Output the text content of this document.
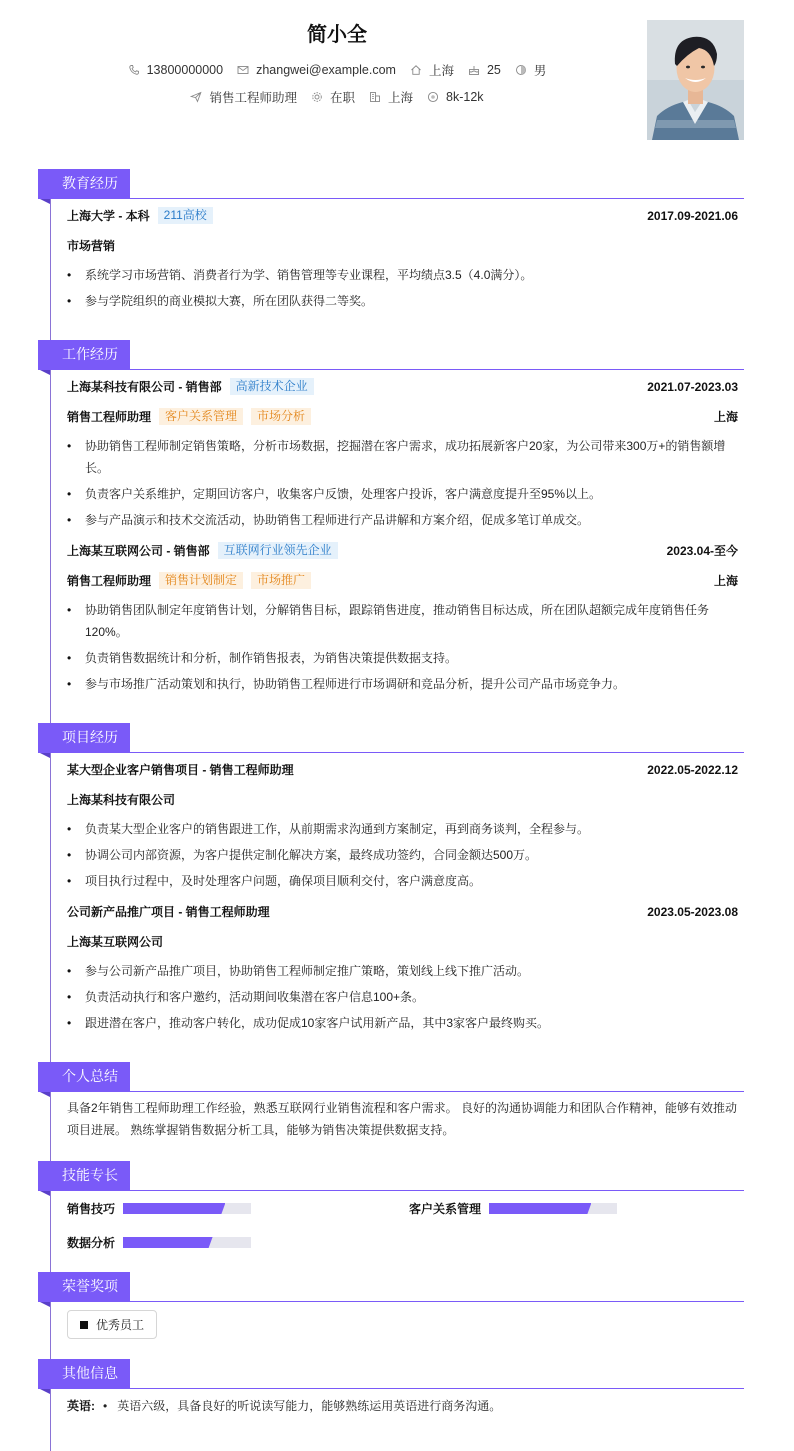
简小全
13800000000	zhangwei@example.com	上海	25	男
销售工程师助理	在职	上海	8k-12k
教育经历
上海大学 - 本科	211高校	2017.09-2021.06
市场营销
• 系统学习市场营销、消费者行为学、销售管理等专业课程，平均绩点3.5（4.0满分）。
• 参与学院组织的商业模拟大赛，所在团队获得二等奖。
工作经历
上海某科技有限公司 - 销售部	高新技术企业	2021.07-2023.03
销售工程师助理	客户关系管理	市场分析	上海
• 协助销售工程师制定销售策略，分析市场数据，挖掘潜在客户需求，成功拓展新客户20家，为公司带来300万+的销售额增长。
• 负责客户关系维护，定期回访客户，收集客户反馈，处理客户投诉，客户满意度提升至95%以上。
• 参与产品演示和技术交流活动，协助销售工程师进行产品讲解和方案介绍，促成多笔订单成交。
上海某互联网公司 - 销售部	互联网行业领先企业	2023.04-至今
销售工程师助理	销售计划制定	市场推广	上海
• 协助销售团队制定年度销售计划，分解销售目标，跟踪销售进度，推动销售目标达成，所在团队超额完成年度销售任务120%。
• 负责销售数据统计和分析，制作销售报表，为销售决策提供数据支持。
• 参与市场推广活动策划和执行，协助销售工程师进行市场调研和竞品分析，提升公司产品市场竞争力。
项目经历
某大型企业客户销售项目 - 销售工程师助理	2022.05-2022.12
上海某科技有限公司
• 负责某大型企业客户的销售跟进工作，从前期需求沟通到方案制定，再到商务谈判，全程参与。
• 协调公司内部资源，为客户提供定制化解决方案，最终成功签约，合同金额达500万。
• 项目执行过程中，及时处理客户问题，确保项目顺利交付，客户满意度高。
公司新产品推广项目 - 销售工程师助理	2023.05-2023.08
上海某互联网公司
• 参与公司新产品推广项目，协助销售工程师制定推广策略，策划线上线下推广活动。
• 负责活动执行和客户邀约，活动期间收集潜在客户信息100+条。
• 跟进潜在客户，推动客户转化，成功促成10家客户试用新产品，其中3家客户最终购买。
个人总结
具备2年销售工程师助理工作经验，熟悉互联网行业销售流程和客户需求。 良好的沟通协调能力和团队合作精神，能够有效推动项目进展。 熟练掌握销售数据分析工具，能够为销售决策提供数据支持。
技能专长
销售技巧	客户关系管理
数据分析
荣誉奖项
优秀员工
其他信息
英语: • 英语六级，具备良好的听说读写能力，能够熟练运用英语进行商务沟通。
